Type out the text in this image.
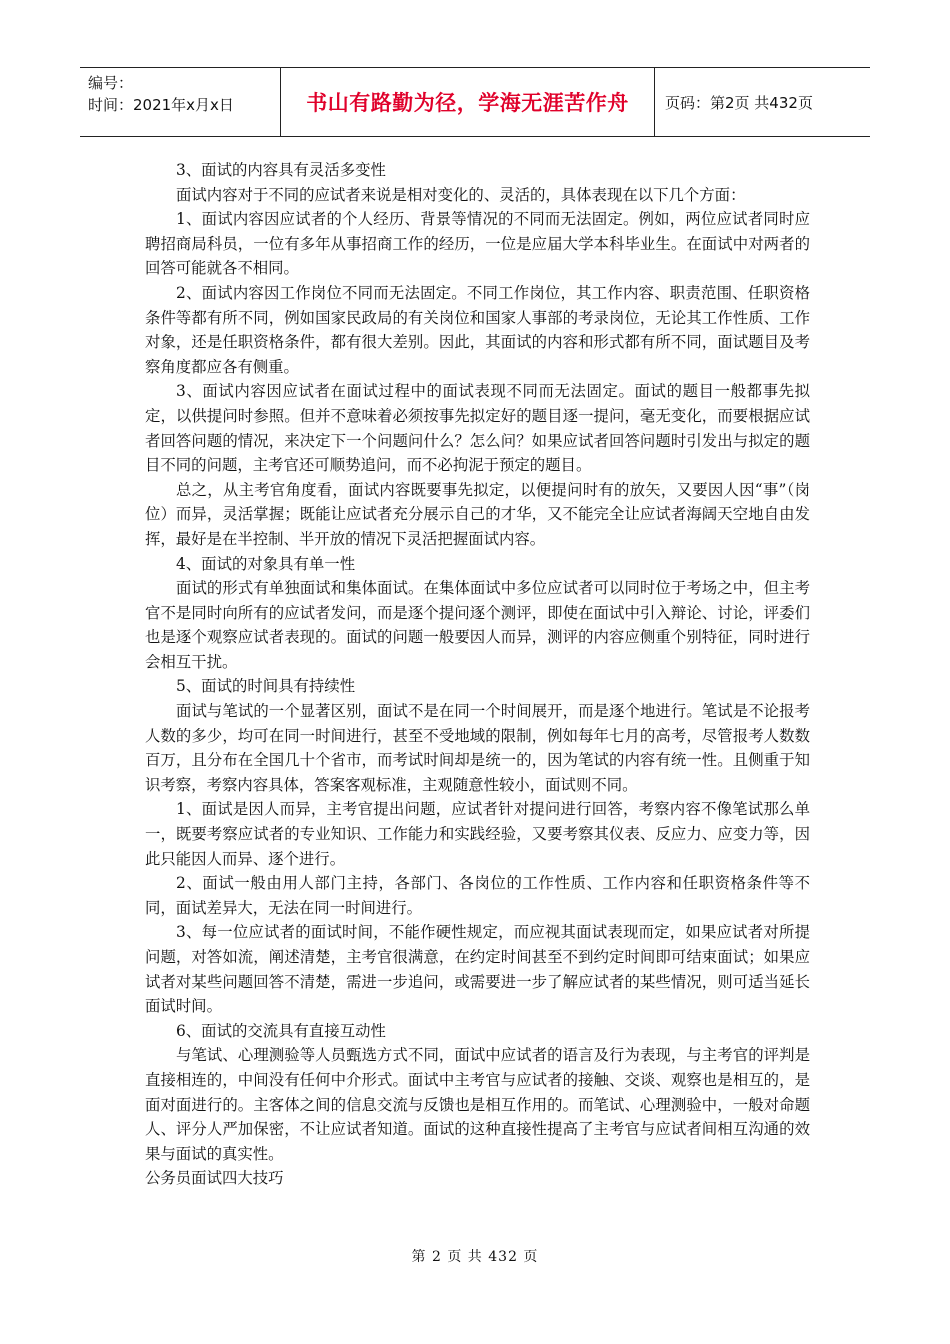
编号：
时间：2021年x月x日	书山有路勤为径，学海无涯苦作舟 页码：第2页 共432页

3、面试的内容具有灵活多变性

面试内容对于不同的应试者来说是相对变化的、灵活的，具体表现在以下几个方面：

1、面试内容因应试者的个人经历、背景等情况的不同而无法固定。例如，两位应试者同时应聘招商局科员，一位有多年从事招商工作的经历，一位是应届大学本科毕业生。在面试中对两者的回答可能就各不相同。

2、面试内容因工作岗位不同而无法固定。不同工作岗位，其工作内容、职责范围、任职资格条件等都有所不同，例如国家民政局的有关岗位和国家人事部的考录岗位，无论其工作性质、工作对象，还是任职资格条件，都有很大差别。因此，其面试的内容和形式都有所不同，面试题目及考察角度都应各有侧重。

3、面试内容因应试者在面试过程中的面试表现不同而无法固定。面试的题目一般都事先拟定，以供提问时参照。但并不意味着必须按事先拟定好的题目逐一提问，毫无变化，而要根据应试者回答问题的情况，来决定下一个问题问什么？怎么问？如果应试者回答问题时引发出与拟定的题目不同的问题，主考官还可顺势追问，而不必拘泥于预定的题目。

总之，从主考官角度看，面试内容既要事先拟定，以便提问时有的放矢，又要因人因“事”（岗位）而异，灵活掌握；既能让应试者充分展示自己的才华，又不能完全让应试者海阔天空地自由发挥，最好是在半控制、半开放的情况下灵活把握面试内容。

4、面试的对象具有单一性

面试的形式有单独面试和集体面试。在集体面试中多位应试者可以同时位于考场之中，但主考官不是同时向所有的应试者发问，而是逐个提问逐个测评，即使在面试中引入辩论、讨论，评委们也是逐个观察应试者表现的。面试的问题一般要因人而异，测评的内容应侧重个别特征，同时进行会相互干扰。

5、面试的时间具有持续性

面试与笔试的一个显著区别，面试不是在同一个时间展开，而是逐个地进行。笔试是不论报考人数的多少，均可在同一时间进行，甚至不受地域的限制，例如每年七月的高考，尽管报考人数数百万，且分布在全国几十个省市，而考试时间却是统一的，因为笔试的内容有统一性。且侧重于知识考察，考察内容具体，答案客观标准，主观随意性较小，面试则不同。

1、面试是因人而异，主考官提出问题，应试者针对提问进行回答，考察内容不像笔试那么单一，既要考察应试者的专业知识、工作能力和实践经验，又要考察其仪表、反应力、应变力等，因此只能因人而异、逐个进行。

2、面试一般由用人部门主持，各部门、各岗位的工作性质、工作内容和任职资格条件等不同，面试差异大，无法在同一时间进行。

3、每一位应试者的面试时间，不能作硬性规定，而应视其面试表现而定，如果应试者对所提问题，对答如流，阐述清楚，主考官很满意，在约定时间甚至不到约定时间即可结束面试；如果应试者对某些问题回答不清楚，需进一步追问，或需要进一步了解应试者的某些情况，则可适当延长面试时间。

6、面试的交流具有直接互动性

与笔试、心理测验等人员甄选方式不同，面试中应试者的语言及行为表现，与主考官的评判是直接相连的，中间没有任何中介形式。面试中主考官与应试者的接触、交谈、观察也是相互的，是面对面进行的。主客体之间的信息交流与反馈也是相互作用的。而笔试、心理测验中，一般对命题人、评分人严加保密，不让应试者知道。面试的这种直接性提高了主考官与应试者间相互沟通的效果与面试的真实性。

公务员面试四大技巧

第 2 页 共 432 页
